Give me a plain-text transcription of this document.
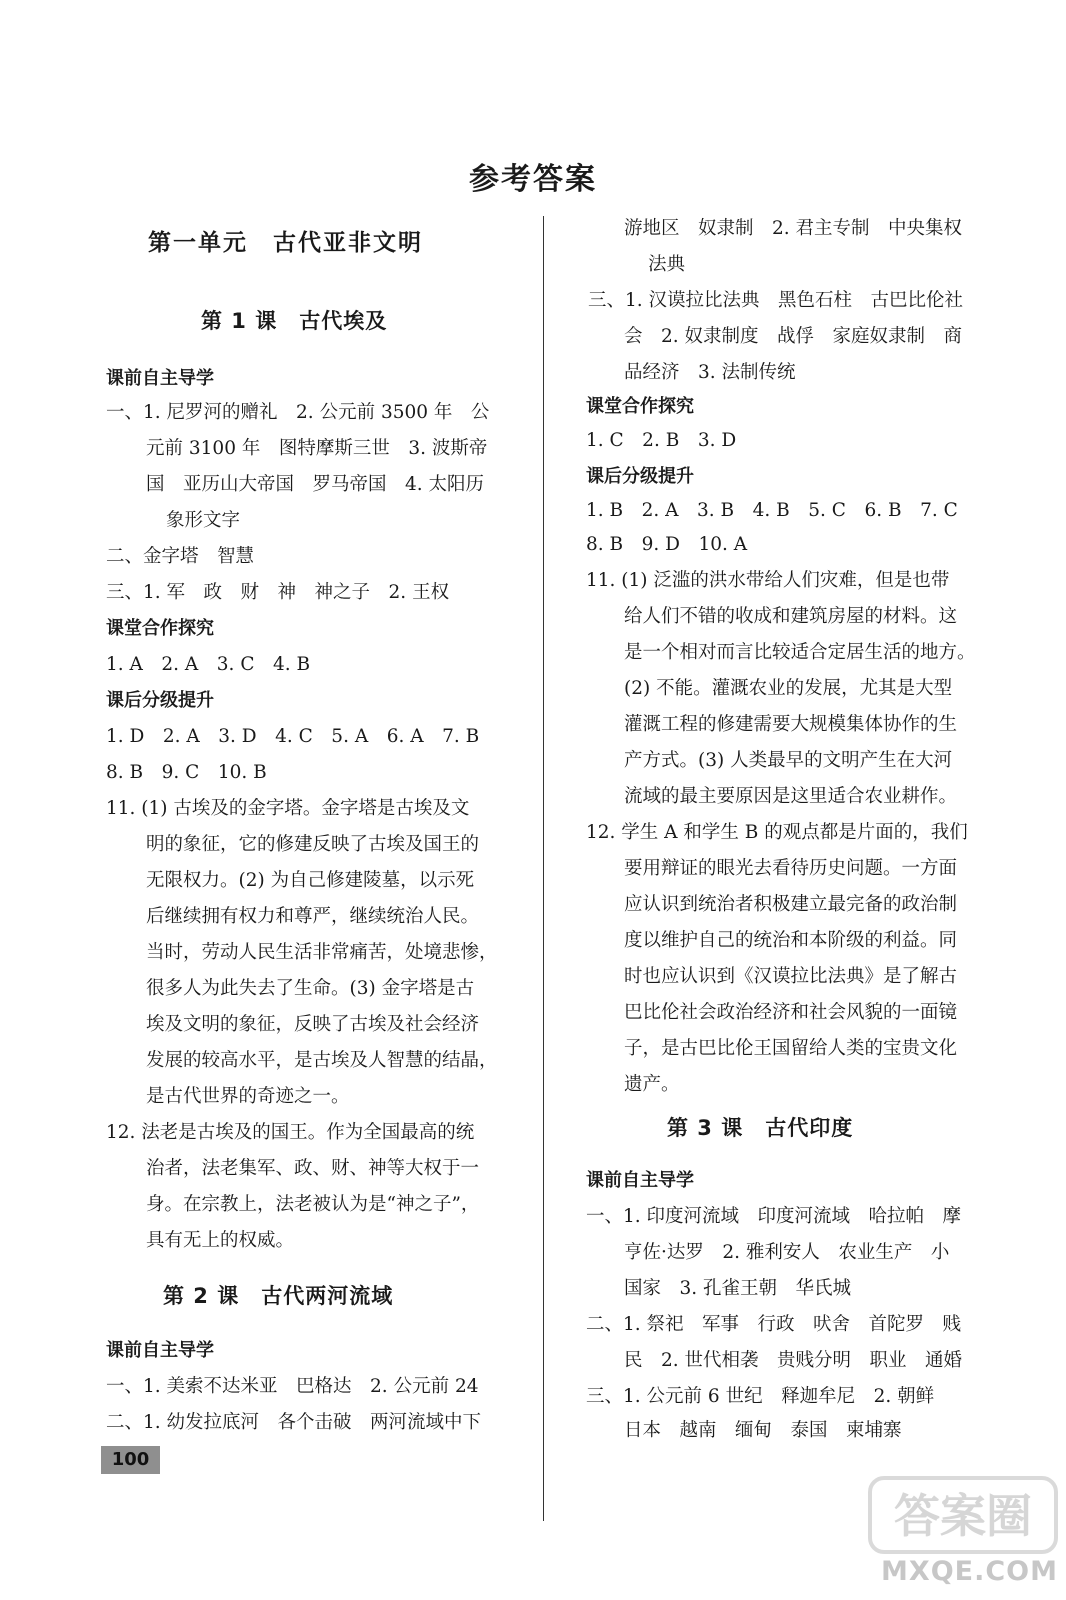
参考答案
第一单元　古代亚非文明
第 1 课　古代埃及
课前自主导学
一、1. 尼罗河的赠礼　2. 公元前 3500 年　公
元前 3100 年　图特摩斯三世　3. 波斯帝
国　亚历山大帝国　罗马帝国　4. 太阳历
象形文字
二、金字塔　智慧
三、1. 军　政　财　神　神之子　2. 王权
课堂合作探究
1. A　2. A　3. C　4. B
课后分级提升
1. D　2. A　3. D　4. C　5. A　6. A　7. B
8. B　9. C　10. B
11. (1) 古埃及的金字塔。金字塔是古埃及文
明的象征，它的修建反映了古埃及国王的
无限权力。(2) 为自己修建陵墓，以示死
后继续拥有权力和尊严，继续统治人民。
当时，劳动人民生活非常痛苦，处境悲惨，
很多人为此失去了生命。(3) 金字塔是古
埃及文明的象征，反映了古埃及社会经济
发展的较高水平，是古埃及人智慧的结晶，
是古代世界的奇迹之一。
12. 法老是古埃及的国王。作为全国最高的统
治者，法老集军、政、财、神等大权于一
身。在宗教上，法老被认为是“神之子”，
具有无上的权威。
第 2 课　古代两河流域
课前自主导学
一、1. 美索不达米亚　巴格达　2. 公元前 24
二、1. 幼发拉底河　各个击破　两河流域中下
游地区　奴隶制　2. 君主专制　中央集权
法典
三、1. 汉谟拉比法典　黑色石柱　古巴比伦社
会　2. 奴隶制度　战俘　家庭奴隶制　商
品经济　3. 法制传统
课堂合作探究
1. C　2. B　3. D
课后分级提升
1. B　2. A　3. B　4. B　5. C　6. B　7. C
8. B　9. D　10. A
11. (1) 泛滥的洪水带给人们灾难，但是也带
给人们不错的收成和建筑房屋的材料。这
是一个相对而言比较适合定居生活的地方。
(2) 不能。灌溉农业的发展，尤其是大型
灌溉工程的修建需要大规模集体协作的生
产方式。(3) 人类最早的文明产生在大河
流域的最主要原因是这里适合农业耕作。
12. 学生 A 和学生 B 的观点都是片面的，我们
要用辩证的眼光去看待历史问题。一方面
应认识到统治者积极建立最完备的政治制
度以维护自己的统治和本阶级的利益。同
时也应认识到《汉谟拉比法典》是了解古
巴比伦社会政治经济和社会风貌的一面镜
子，是古巴比伦王国留给人类的宝贵文化
遗产。
第 3 课　古代印度
课前自主导学
一、1. 印度河流域　印度河流域　哈拉帕　摩
亨佐·达罗　2. 雅利安人　农业生产　小
国家　3. 孔雀王朝　华氏城
二、1. 祭祀　军事　行政　吠舍　首陀罗　贱
民　2. 世代相袭　贵贱分明　职业　通婚
三、1. 公元前 6 世纪　释迦牟尼　2. 朝鲜
日本　越南　缅甸　泰国　柬埔寨
100
答案圈
MXQE.COM
